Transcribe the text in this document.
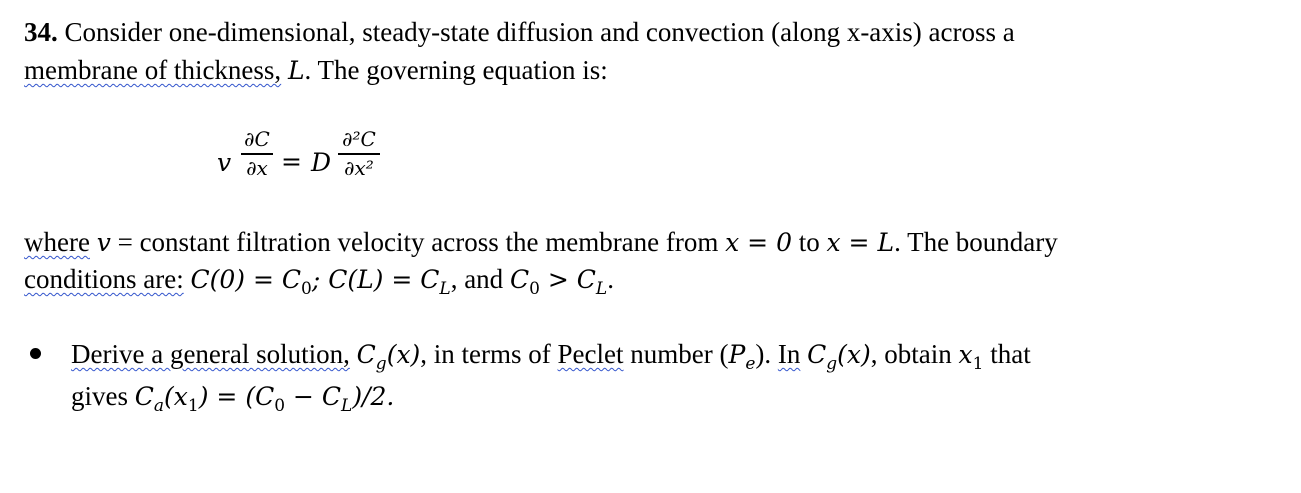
34. Consider one-dimensional, steady-state diffusion and convection (along x-axis) across a
membrane of thickness, L. The governing equation is:
v
∂C
∂x = D
∂²C
∂x²
where v = constant filtration velocity across the membrane from x = 0 to x = L. The boundary
conditions are: $C(0) = C_0$; $C(L) = C_L$, and $C_0 > C_L$.
Derive a general solution, $C_g(x)$, in terms of Peclet number $(P_e)$. In $C_g(x)$, obtain $x_1$ that
gives $C_a(x_1) = (C_0 - C_L)/2$.
